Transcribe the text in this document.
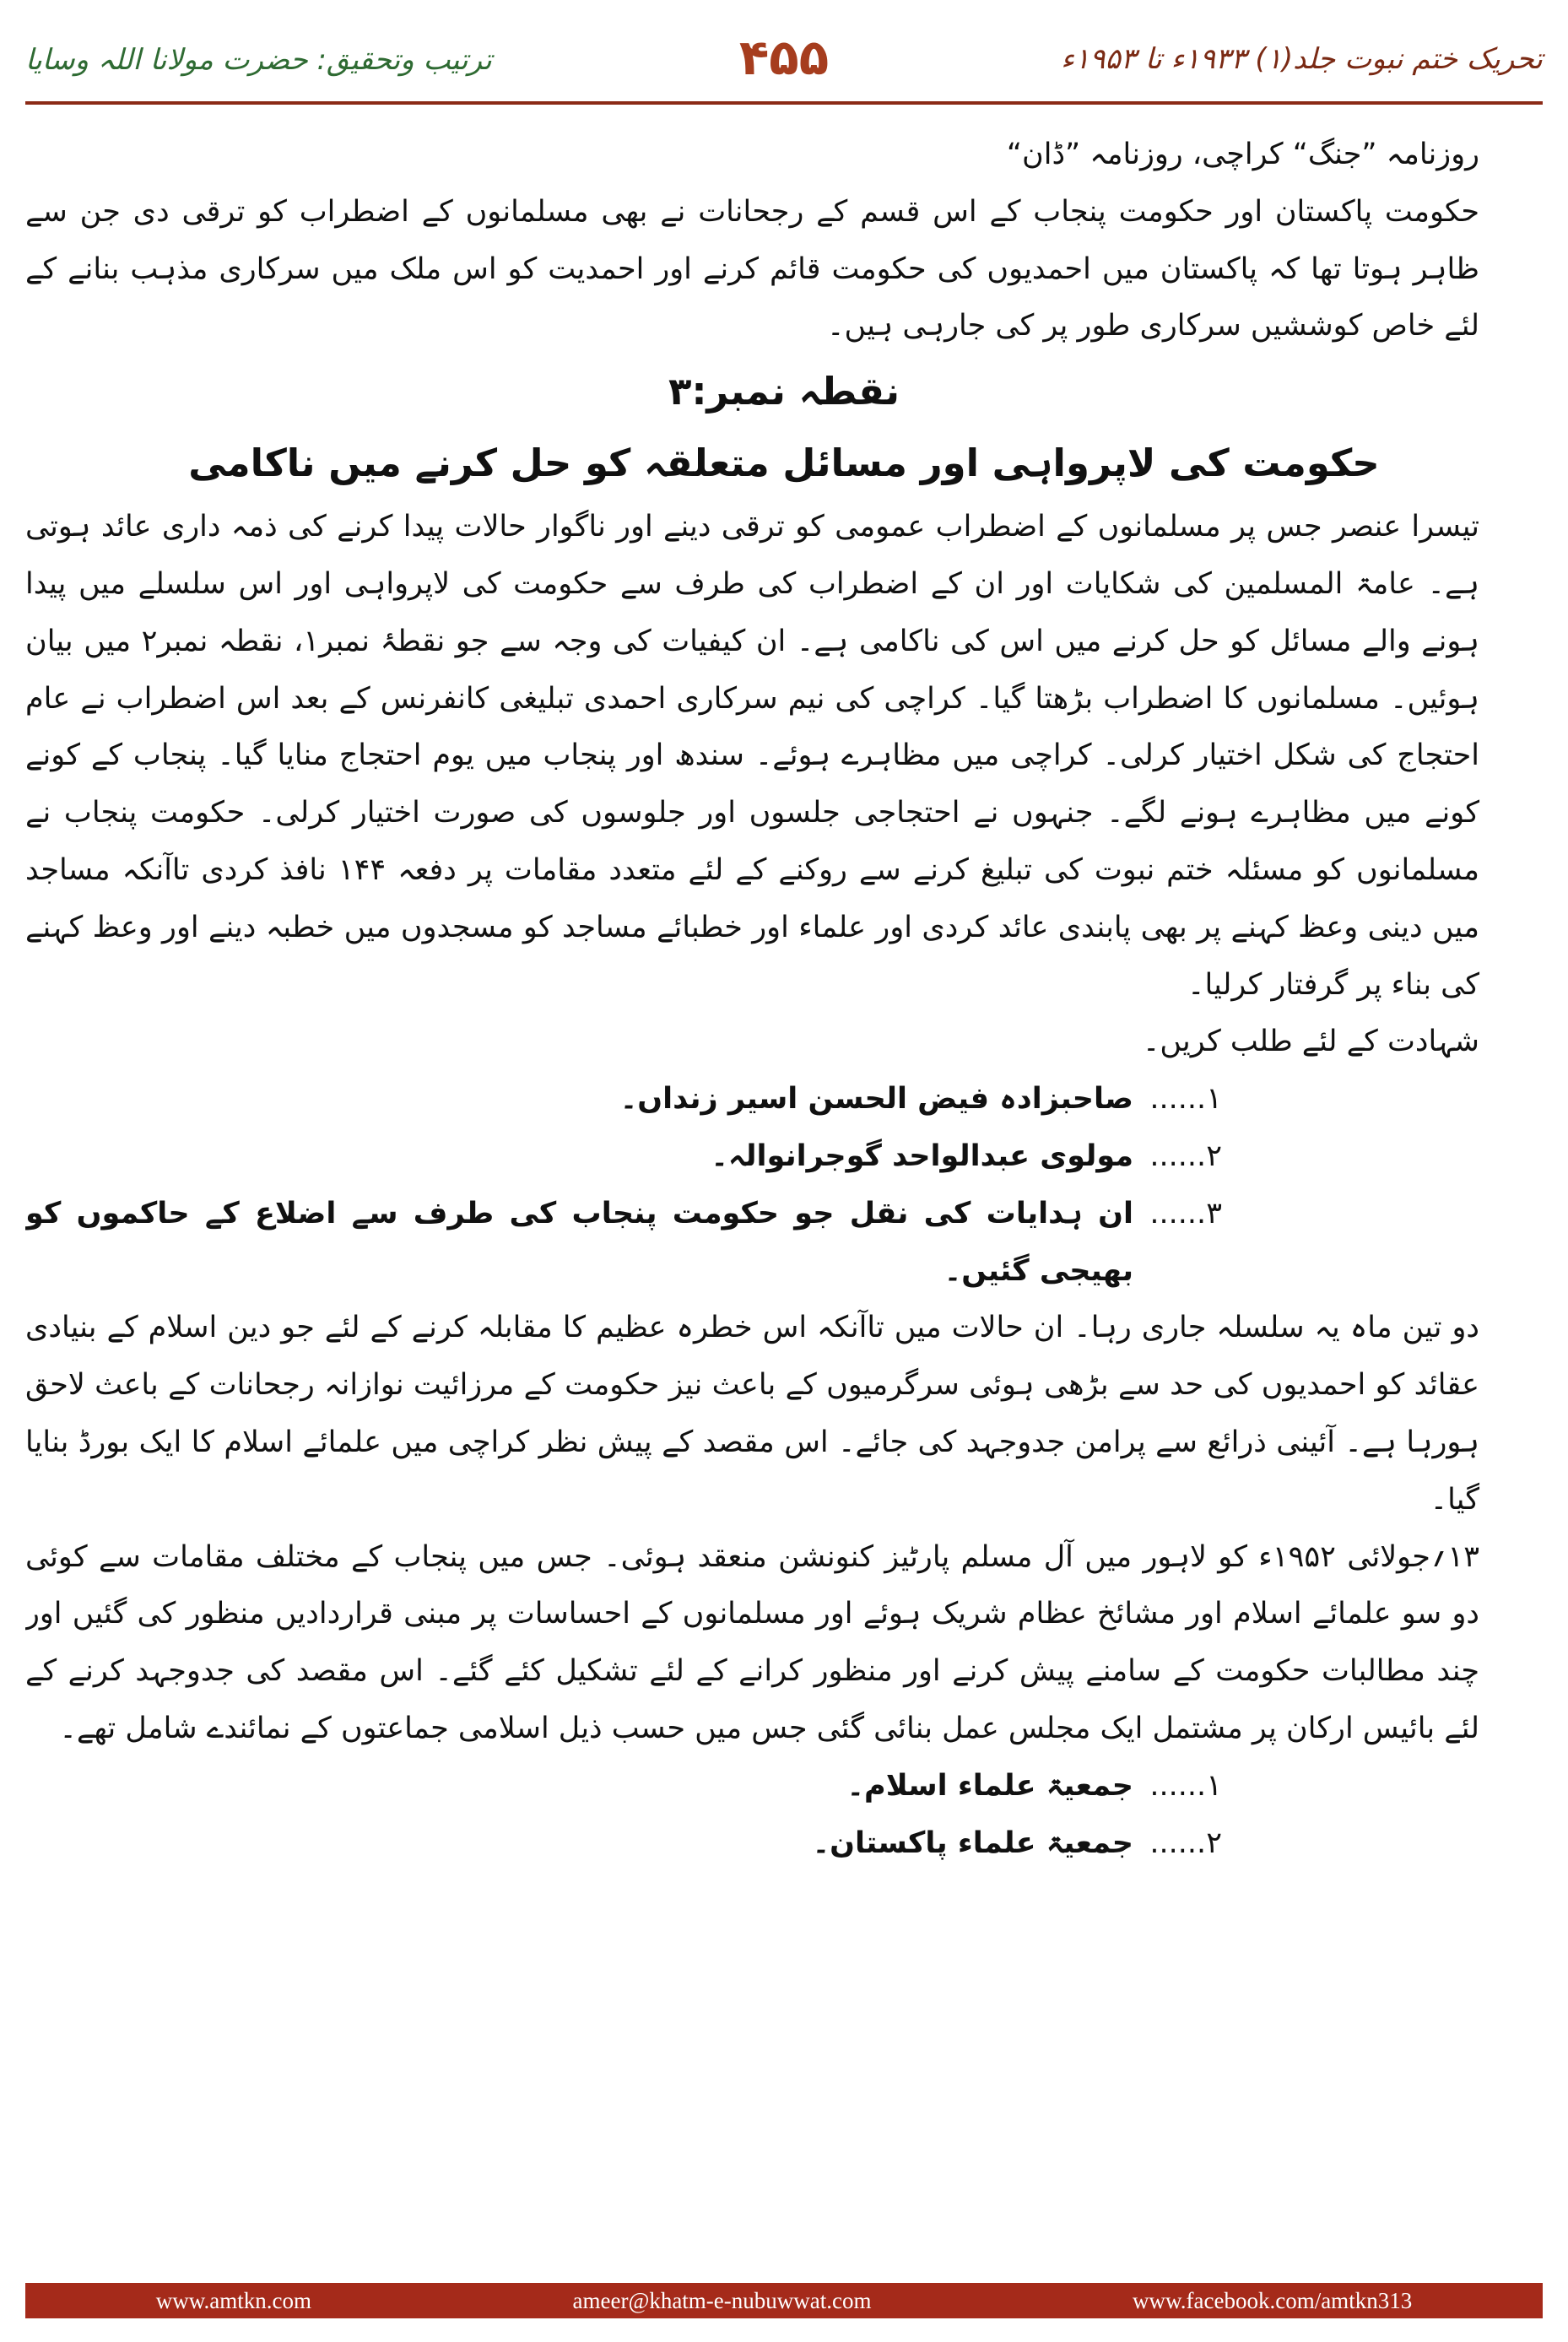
تحریک ختم نبوت جلد(۱) ۱۹۳۳ء تا ۱۹۵۳ء
۴۵۵
ترتیب وتحقیق: حضرت مولانا اللہ وسایا

روزنامہ ”جنگ“ کراچی، روزنامہ ”ڈان“

حکومت پاکستان اور حکومت پنجاب کے اس قسم کے رجحانات نے بھی مسلمانوں کے اضطراب کو ترقی دی جن سے ظاہر ہوتا تھا کہ پاکستان میں احمدیوں کی حکومت قائم کرنے اور احمدیت کو اس ملک میں سرکاری مذہب بنانے کے لئے خاص کوششیں سرکاری طور پر کی جارہی ہیں۔

نقطہ نمبر:۳

حکومت کی لاپرواہی اور مسائل متعلقہ کو حل کرنے میں ناکامی

تیسرا عنصر جس پر مسلمانوں کے اضطراب عمومی کو ترقی دینے اور ناگوار حالات پیدا کرنے کی ذمہ داری عائد ہوتی ہے۔ عامۃ المسلمین کی شکایات اور ان کے اضطراب کی طرف سے حکومت کی لاپرواہی اور اس سلسلے میں پیدا ہونے والے مسائل کو حل کرنے میں اس کی ناکامی ہے۔ ان کیفیات کی وجہ سے جو نقطۂ نمبر۱، نقطہ نمبر۲ میں بیان ہوئیں۔ مسلمانوں کا اضطراب بڑھتا گیا۔ کراچی کی نیم سرکاری احمدی تبلیغی کانفرنس کے بعد اس اضطراب نے عام احتجاج کی شکل اختیار کرلی۔ کراچی میں مظاہرے ہوئے۔ سندھ اور پنجاب میں یوم احتجاج منایا گیا۔ پنجاب کے کونے کونے میں مظاہرے ہونے لگے۔ جنہوں نے احتجاجی جلسوں اور جلوسوں کی صورت اختیار کرلی۔ حکومت پنجاب نے مسلمانوں کو مسئلہ ختم نبوت کی تبلیغ کرنے سے روکنے کے لئے متعدد مقامات پر دفعہ ۱۴۴ نافذ کردی تاآنکہ مساجد میں دینی وعظ کہنے پر بھی پابندی عائد کردی اور علماء اور خطبائے مساجد کو مسجدوں میں خطبہ دینے اور وعظ کہنے کی بناء پر گرفتار کرلیا۔

شہادت کے لئے طلب کریں۔

۱......
صاحبزادہ فیض الحسن اسیر زنداں۔
۲......
مولوی عبدالواحد گوجرانوالہ۔
۳......
ان ہدایات کی نقل جو حکومت پنجاب کی طرف سے اضلاع کے حاکموں کو بھیجی گئیں۔

دو تین ماہ یہ سلسلہ جاری رہا۔ ان حالات میں تاآنکہ اس خطرہ عظیم کا مقابلہ کرنے کے لئے جو دین اسلام کے بنیادی عقائد کو احمدیوں کی حد سے بڑھی ہوئی سرگرمیوں کے باعث نیز حکومت کے مرزائیت نوازانہ رجحانات کے باعث لاحق ہورہا ہے۔ آئینی ذرائع سے پرامن جدوجہد کی جائے۔ اس مقصد کے پیش نظر کراچی میں علمائے اسلام کا ایک بورڈ بنایا گیا۔

۱۳؍جولائی ۱۹۵۲ء کو لاہور میں آل مسلم پارٹیز کنونشن منعقد ہوئی۔ جس میں پنجاب کے مختلف مقامات سے کوئی دو سو علمائے اسلام اور مشائخ عظام شریک ہوئے اور مسلمانوں کے احساسات پر مبنی قراردادیں منظور کی گئیں اور چند مطالبات حکومت کے سامنے پیش کرنے اور منظور کرانے کے لئے تشکیل کئے گئے۔ اس مقصد کی جدوجہد کرنے کے لئے بائیس ارکان پر مشتمل ایک مجلس عمل بنائی گئی جس میں حسب ذیل اسلامی جماعتوں کے نمائندے شامل تھے۔

۱......
جمعیۃ علماء اسلام۔
۲......
جمعیۃ علماء پاکستان۔
www.amtkn.com	ameer@khatm-e-nubuwwat.com	www.facebook.com/amtkn313
